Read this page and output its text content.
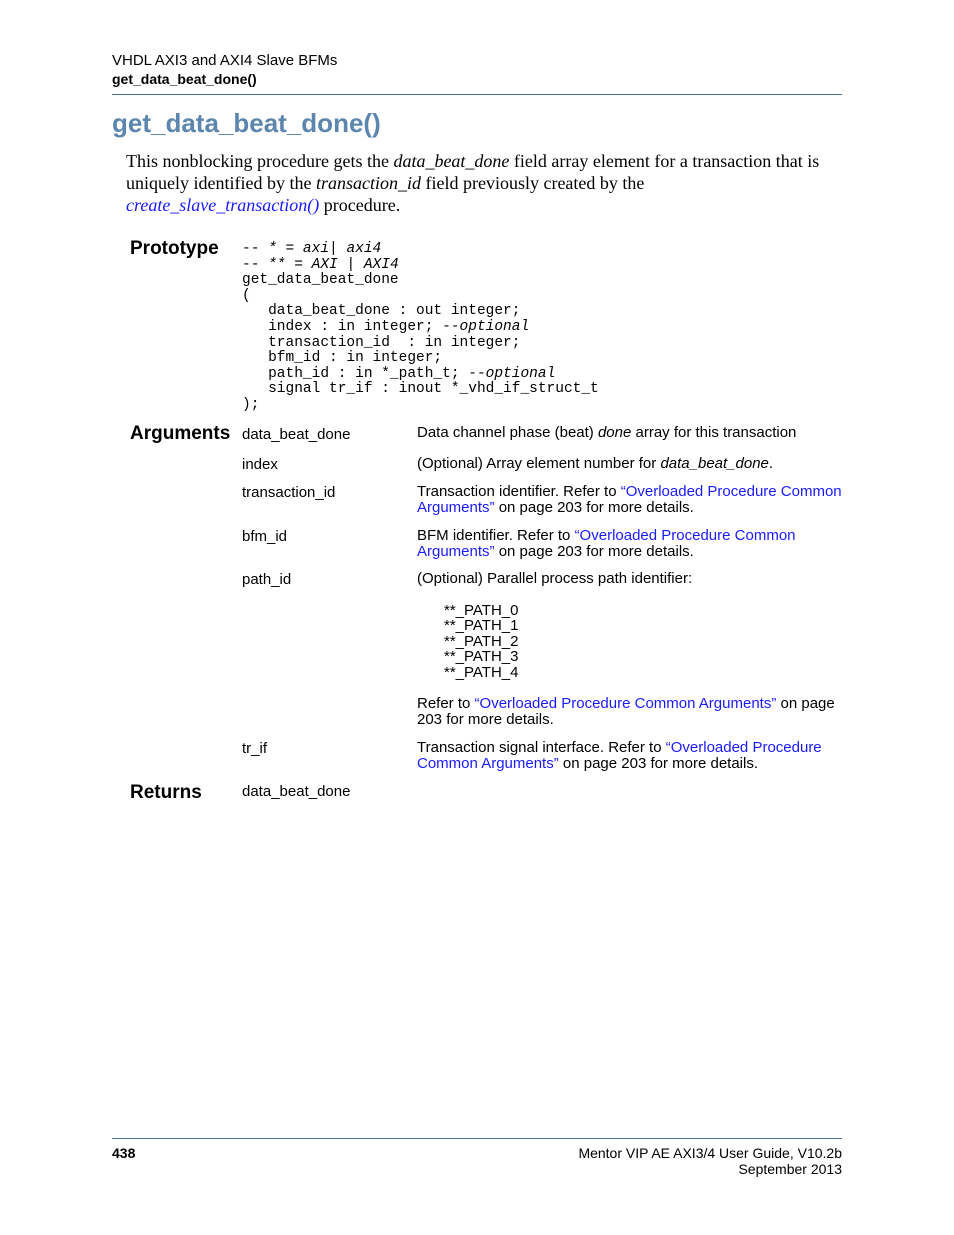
VHDL AXI3 and AXI4 Slave BFMs
get_data_beat_done()
get_data_beat_done()
This nonblocking procedure gets the data_beat_done field array element for a transaction that is uniquely identified by the transaction_id field previously created by the create_slave_transaction() procedure.
Prototype -- * = axi| axi4
-- ** = AXI | AXI4
get_data_beat_done
(
data_beat_done : out integer;
index : in integer; --optional
transaction_id  : in integer;
bfm_id : in integer;
path_id : in *_path_t; --optional
signal tr_if : inout *_vhd_if_struct_t
);
Arguments data_beat_done	Data channel phase (beat) done array for this transaction
index	(Optional) Array element number for data_beat_done.
transaction_id	Transaction identifier. Refer to “Overloaded Procedure Common Arguments” on page 203 for more details.
bfm_id	BFM identifier. Refer to “Overloaded Procedure Common Arguments” on page 203 for more details.
path_id	(Optional) Parallel process path identifier:
**_PATH_0
**_PATH_1
**_PATH_2
**_PATH_3
**_PATH_4
Refer to “Overloaded Procedure Common Arguments” on page 203 for more details.
tr_if	Transaction signal interface. Refer to “Overloaded Procedure Common Arguments” on page 203 for more details.
Returns	data_beat_done
438	Mentor VIP AE AXI3/4 User Guide, V10.2b
September 2013
